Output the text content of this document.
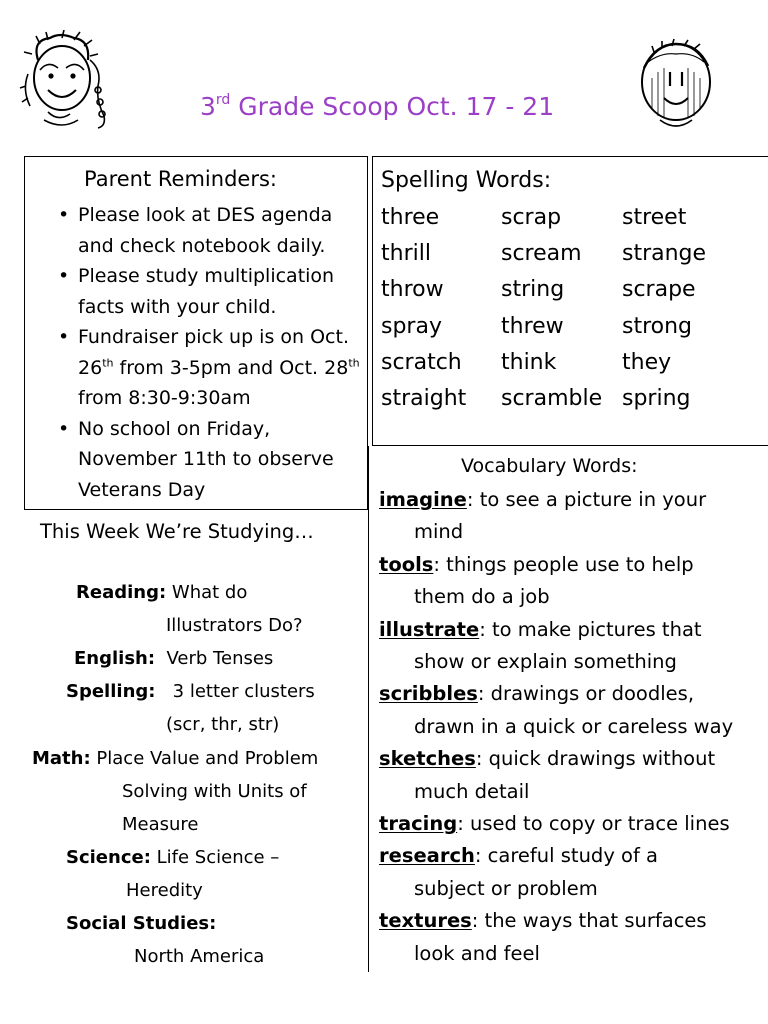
3rd Grade Scoop Oct. 17 - 21
Parent Reminders:
• Please look at DES agenda and check notebook daily.
• Please study multiplication facts with your child.
• Fundraiser pick up is on Oct. 26th from 3-5pm and Oct. 28th from 8:30-9:30am
• No school on Friday, November 11th to observe Veterans Day
Spelling Words:
three	scrap	street
thrill	scream	strange
throw	string	scrape
spray	threw	strong
scratch	think	they
straight	scramble spring
Vocabulary Words:
imagine: to see a picture in your
mind
tools: things people use to help
them do a job
illustrate: to make pictures that
show or explain something
scribbles: drawings or doodles,
drawn in a quick or careless way
sketches: quick drawings without
much detail
tracing: used to copy or trace lines
research: careful study of a
subject or problem
textures: the ways that surfaces
look and feel
This Week We’re Studying…
Reading: What do
Illustrators Do?
English: Verb Tenses
Spelling: 3 letter clusters
(scr, thr, str)
Math: Place Value and Problem
Solving with Units of
Measure
Science: Life Science –
Heredity
Social Studies:
North America
